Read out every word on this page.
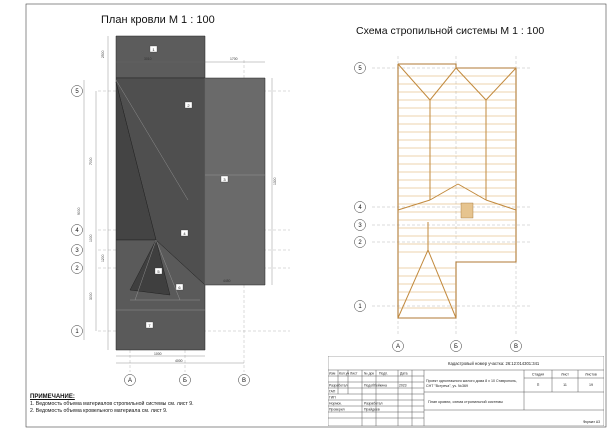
1
2
3
4
5
6
7
2500
3010	1700
7000
1000
3000
9000
1200
4450
1000
1300
4000
5
4
3
2
1
А	Б	В
5
4
3
2
1
А	Б	В
План кровли М 1 : 100
Схема стропильной системы М 1 : 100
ПРИМЕЧАНИЕ:
1. Ведомость объема материалов стропильной системы см. лист 9.
2. Ведомость объема кровельного материала см. лист 9.
Кадастровый номер участка: 26:12:014301:341
Изм Кол.уч Лист № док Подп.	Дата
Разработал	Подоббейкина	2023
ГАП
ГИП
Нормок.	Разработал
Проверил	Прайдеев
Проект одноэтажного жилого дома 8 х 10 Ставрополь, СНТ "Встреча", уч. №369
Стадия	Лист	Листов
П	11	19
План кровли, схема стропильной системы
Формат А3
